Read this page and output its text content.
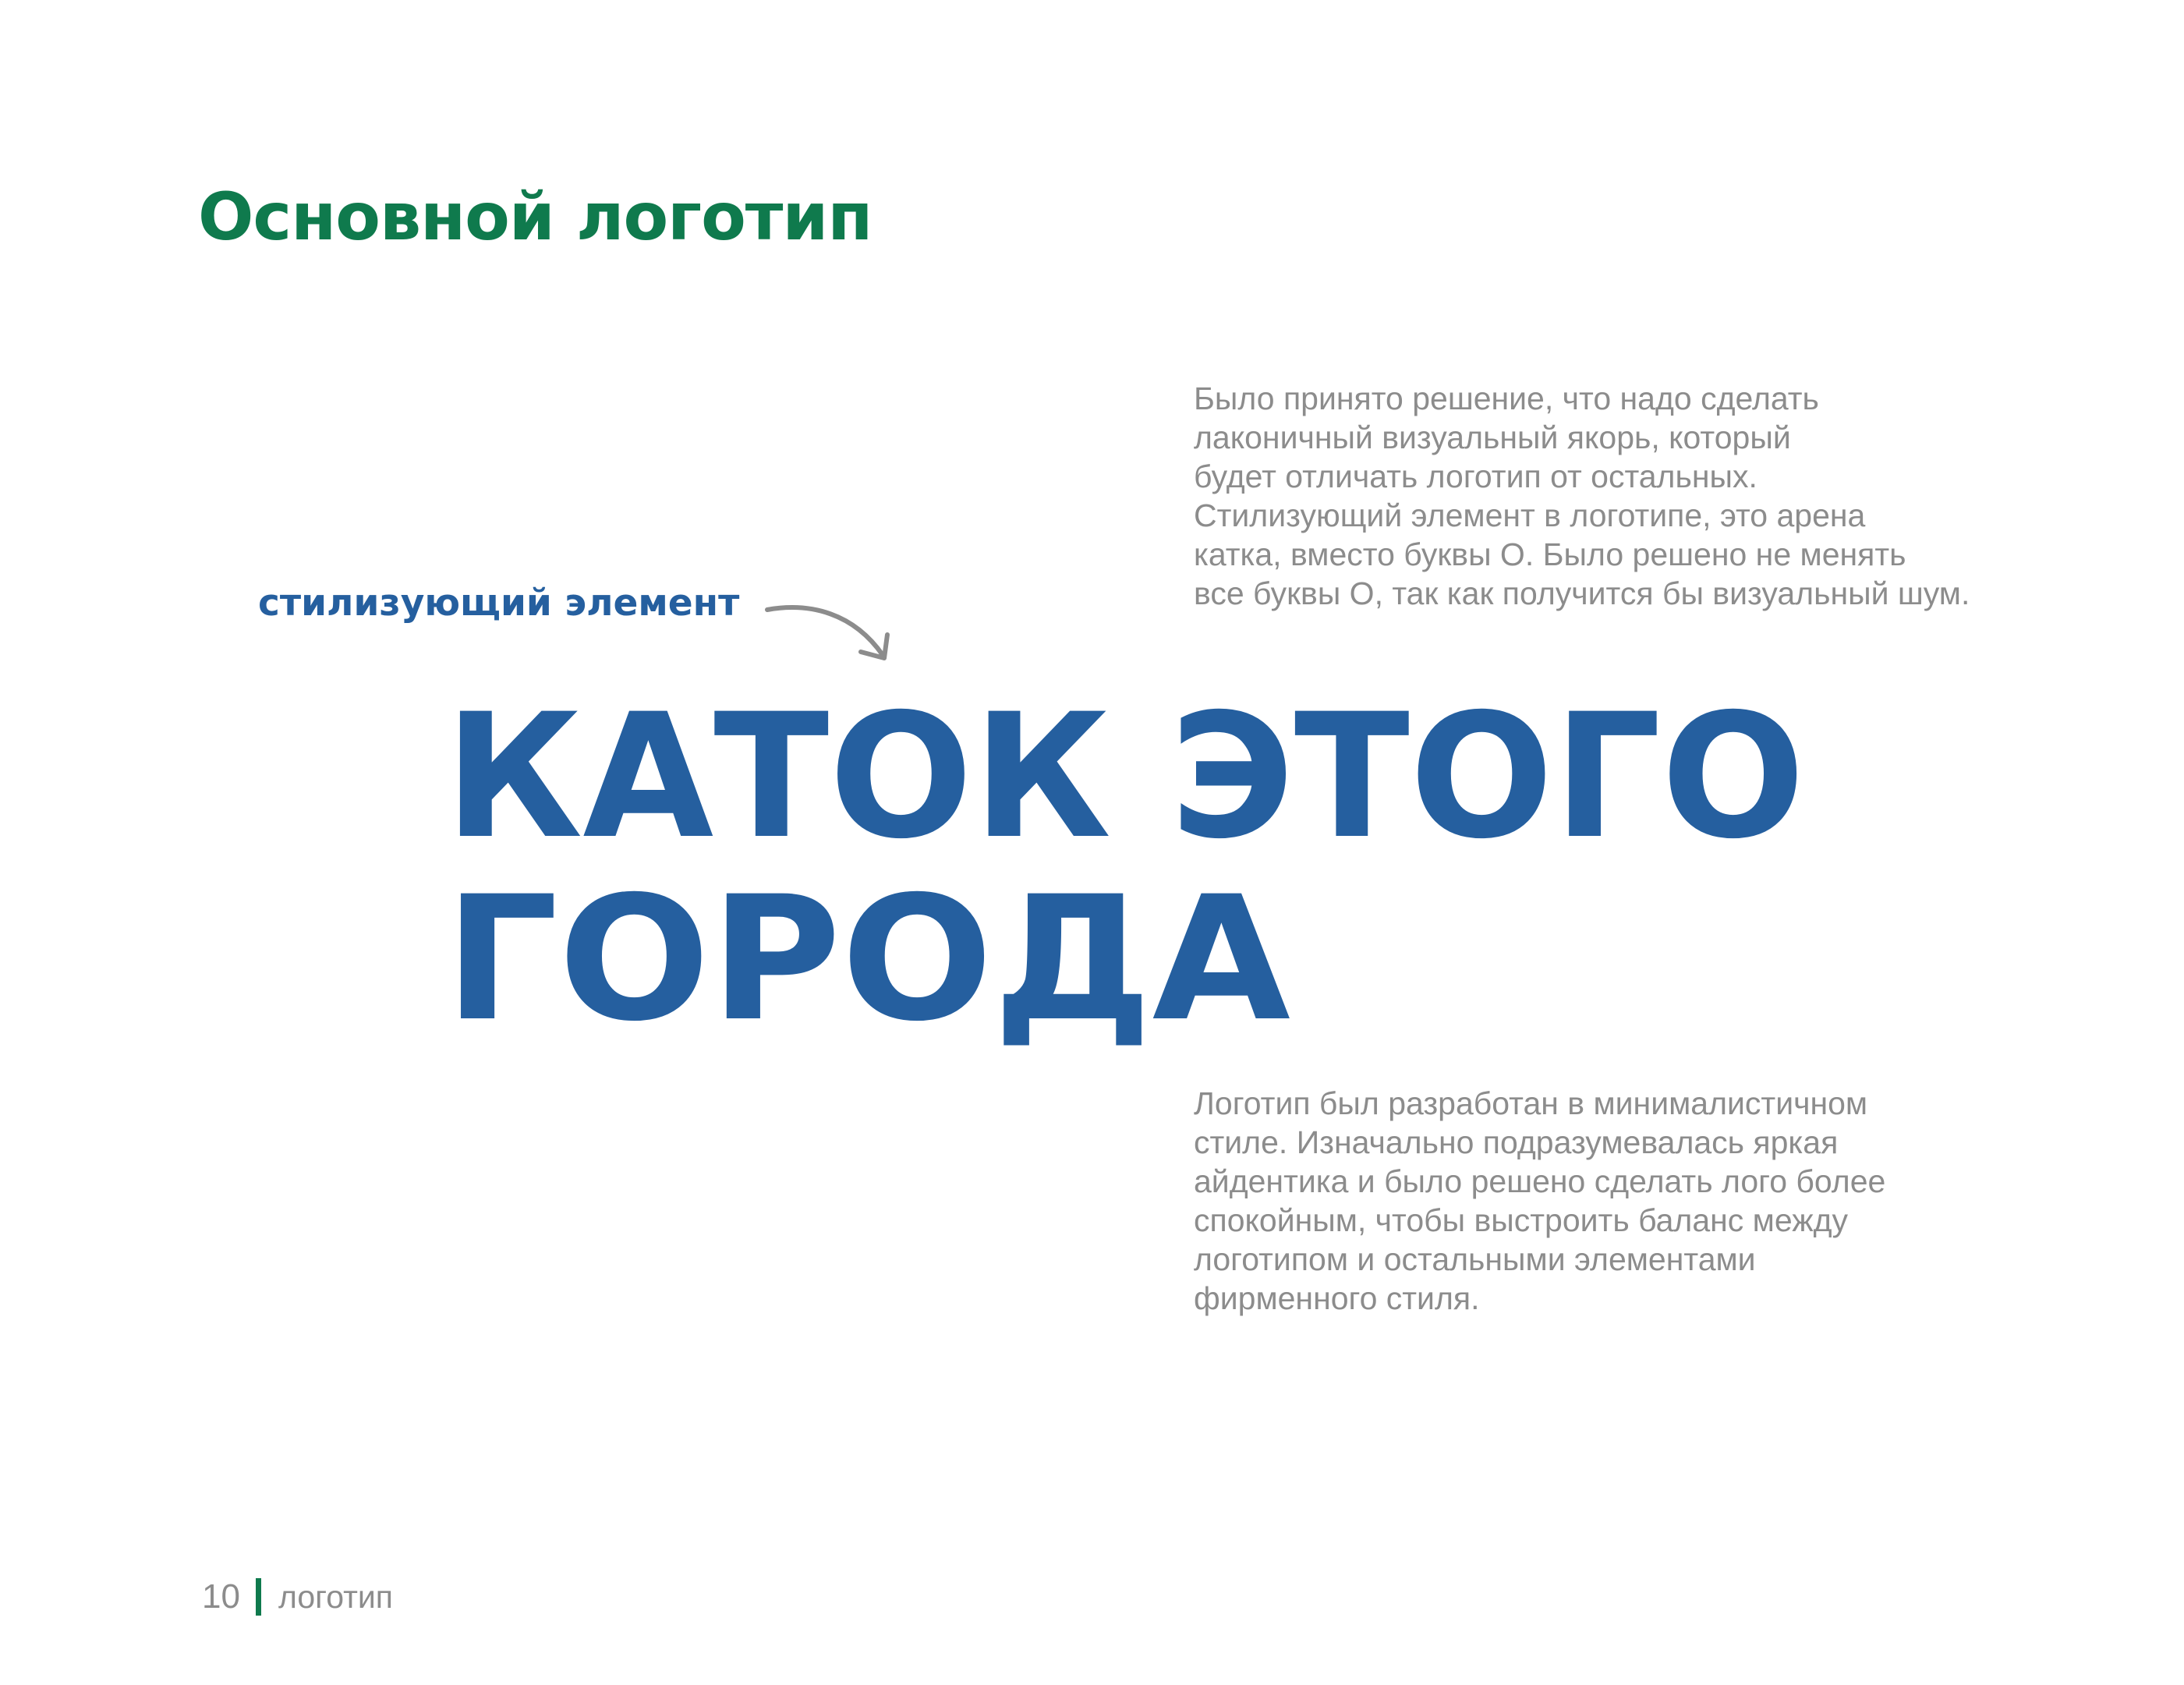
Основной логотип

Было принято решение, что надо сделать
лаконичный визуальный якорь, который
будет отличать логотип от остальных.
Стилизующий элемент в логотипе, это арена
катка, вместо буквы О. Было решено не менять
все буквы О, так как получится бы визуальный шум.

стилизующий элемент
КАТОК ЭТОГО
ГОРОДА

Логотип был разработан в минималистичном
стиле. Изначально подразумевалась яркая
айдентика и было решено сделать лого более
спокойным, чтобы выстроить баланс между
логотипом и остальными элементами
фирменного стиля.

10 логотип
